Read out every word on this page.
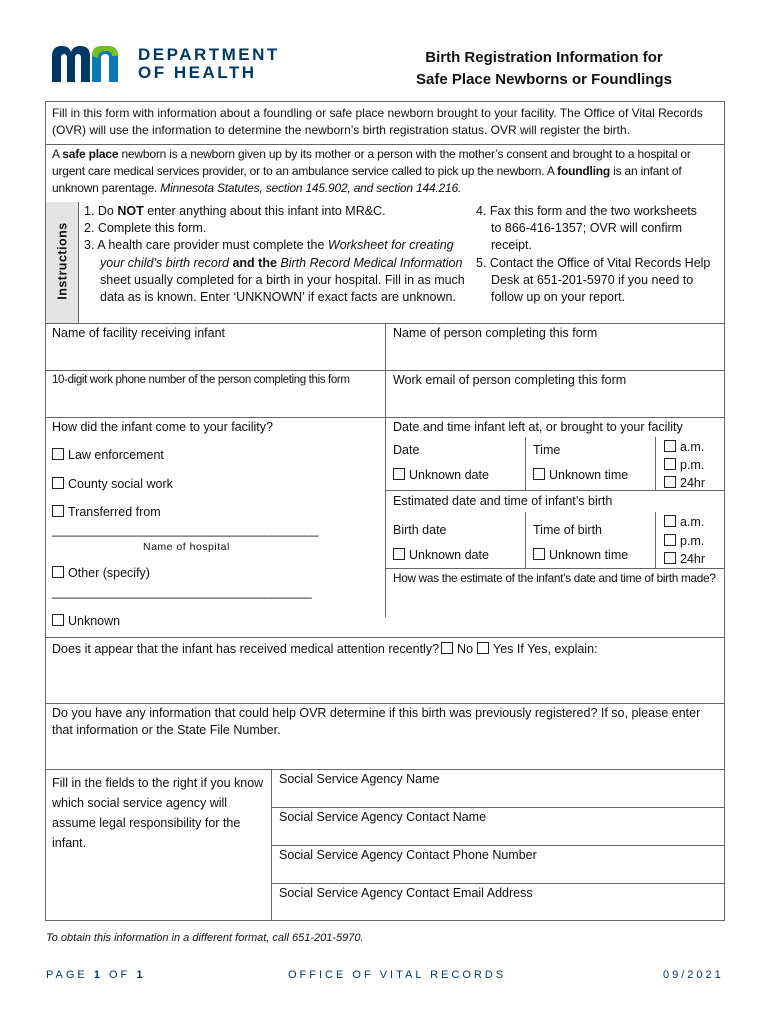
DEPARTMENT
OF HEALTH
Birth Registration Information for
Safe Place Newborns or Foundlings
Fill in this form with information about a foundling or safe place newborn brought to your facility. The Office of Vital Records (OVR) will use the information to determine the newborn’s birth registration status. OVR will register the birth.
A safe place newborn is a newborn given up by its mother or a person with the mother’s consent and brought to a hospital or urgent care medical services provider, or to an ambulance service called to pick up the newborn. A foundling is an infant of unknown parentage. Minnesota Statutes, section 145.902, and section 144.216.
Instructions
1. Do NOT enter anything about this infant into MR&C.
2. Complete this form.
3. A health care provider must complete the Worksheet for creating your child’s birth record and the Birth Record Medical Information sheet usually completed for a birth in your hospital. Fill in as much data as is known. Enter ‘UNKNOWN’ if exact facts are unknown.
4. Fax this form and the two worksheets
to 866-416-1357; OVR will confirm
receipt.
5. Contact the Office of Vital Records Help
Desk at 651-201-5970 if you need to
follow up on your report.
Name of facility receiving infant	Name of person completing this form
10-digit work phone number of the person completing this form	Work email of person completing this form
How did the infant come to your facility?
Law enforcement
County social work
Transferred from
________________________________________
Name of hospital
Other (specify)
_______________________________________
Unknown
Date and time infant left at, or brought to your facility
Date	Time	a.m.
p.m.
24hr
Unknown date	Unknown time
Estimated date and time of infant’s birth
Birth date	Time of birth
a.m.
p.m.
24hr
Unknown date	Unknown time
How was the estimate of the infant’s date and time of birth made?
Does it appear that the infant has received medical attention recently? No Yes If Yes, explain:
Do you have any information that could help OVR determine if this birth was previously registered? If so, please enter that information or the State File Number.
Fill in the fields to the right if you know which social service agency will assume legal responsibility for the infant.
Social Service Agency Name
Social Service Agency Contact Name
Social Service Agency Contact Phone Number
Social Service Agency Contact Email Address
To obtain this information in a different format, call 651-201-5970.
PAGE 1 OF 1	OFFICE OF VITAL RECORDS	09/2021
